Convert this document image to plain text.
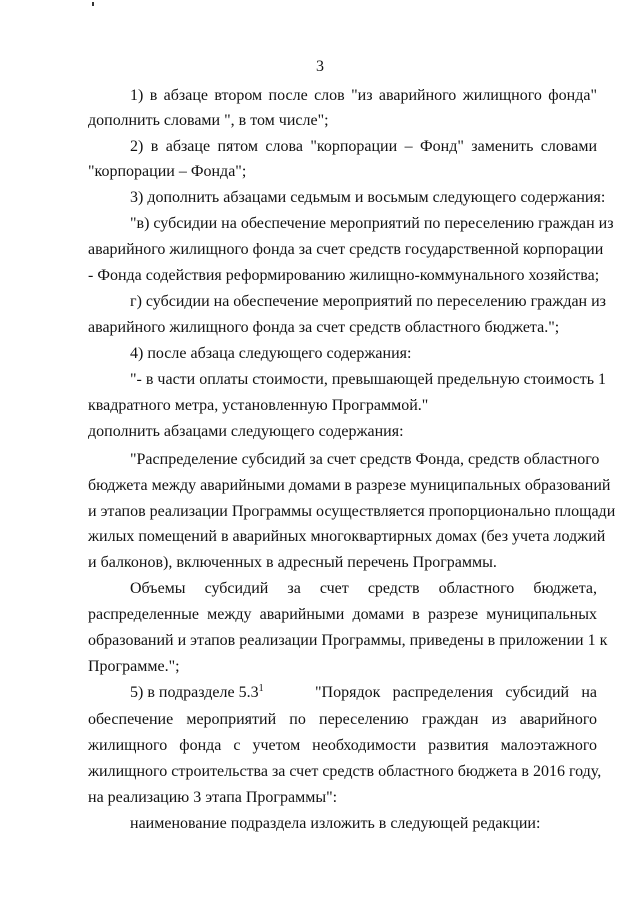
3
1) в абзаце втором после слов "из аварийного жилищного фонда"
дополнить словами ", в том числе";
2) в абзаце пятом слова "корпорации – Фонд" заменить словами
"корпорации – Фонда";
3) дополнить абзацами седьмым и восьмым следующего содержания:
"в) субсидии на обеспечение мероприятий по переселению граждан из
аварийного жилищного фонда за счет средств государственной корпорации
- Фонда содействия реформированию жилищно-коммунального хозяйства;
г) субсидии на обеспечение мероприятий по переселению граждан из
аварийного жилищного фонда за счет средств областного бюджета.";
4) после абзаца следующего содержания:
"- в части оплаты стоимости, превышающей предельную стоимость 1
квадратного метра, установленную Программой."
дополнить абзацами следующего содержания:
"Распределение субсидий за счет средств Фонда, средств областного
бюджета между аварийными домами в разрезе муниципальных образований
и этапов реализации Программы осуществляется пропорционально площади
жилых помещений в аварийных многоквартирных домах (без учета лоджий
и балконов), включенных в адресный перечень Программы.
Объемы субсидий за счет средств областного бюджета,
распределенные между аварийными домами в разрезе муниципальных
образований и этапов реализации Программы, приведены в приложении 1 к
Программе.";
5) в подразделе $5.3^1$	"Порядок распределения субсидий на
обеспечение мероприятий по переселению граждан из аварийного
жилищного фонда с учетом необходимости развития малоэтажного
жилищного строительства за счет средств областного бюджета в 2016 году,
на реализацию 3 этапа Программы":
наименование подраздела изложить в следующей редакции:
